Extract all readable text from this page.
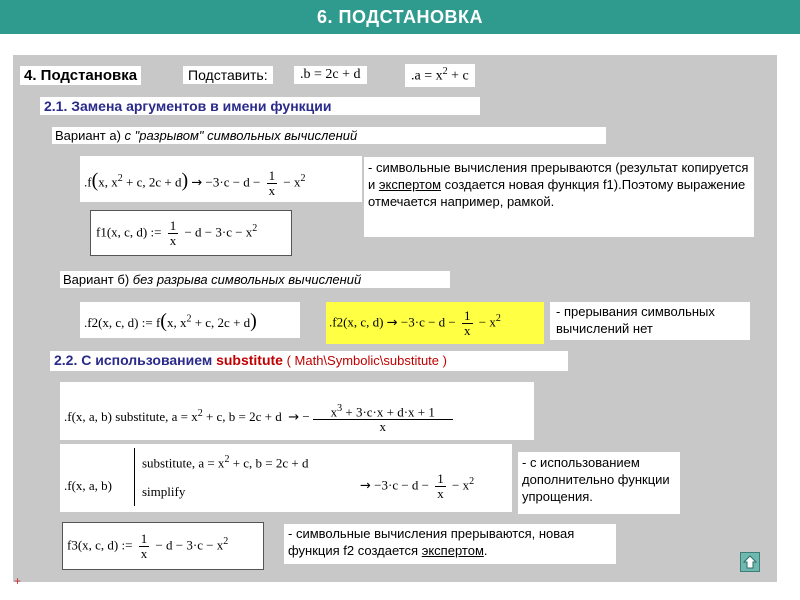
6. ПОДСТАНОВКА
4. Подстановка	Подставить:	.b = 2c + d	$.a = x^2 + c$
2.1. Замена аргументов в имени функции
Вариант а) с "разрывом" символьных вычислений
.f(x, $x^2 + c$, $2c + d) \to -3\cdot c - d - \frac{1}{x} - x^2$
- символьные вычисления прерываются (результат копируется и экспертом создается новая функция f1).Поэтому выражение отмечается например, рамкой.
f1(x, c, d) := $\frac{1}{x} - d - 3\cdot c - x^2$
Вариант б) без разрыва символьных вычислений
.f2(x, c, d) := f(x, $x^2 + c$, 2c + d)	.f2(x, c, $d) \to -3\cdot c - d - \frac{1}{x} - x^2$	- прерывания символьных вычислений нет
2.2. С использованием substitute ( Math\Symbolic\substitute )
.f(x, a, b) substitute, $a = x^2 + c$, b = 2c + d → − $\frac{x^3 + 3\cdot c\cdot x + d\cdot x + 1}{x}$
.f(x, a, b)
substitute, $a = x^2 + c$, b = 2c + d
simplify	→ $-3\cdot c - d - \frac{1}{x} - x^2$
- с использованием дополнительно функции упрощения.
f3(x, c, d) := $\frac{1}{x} - d - 3\cdot c - x^2$
- символьные вычисления прерываются, новая функция f2 создается экспертом.
+
